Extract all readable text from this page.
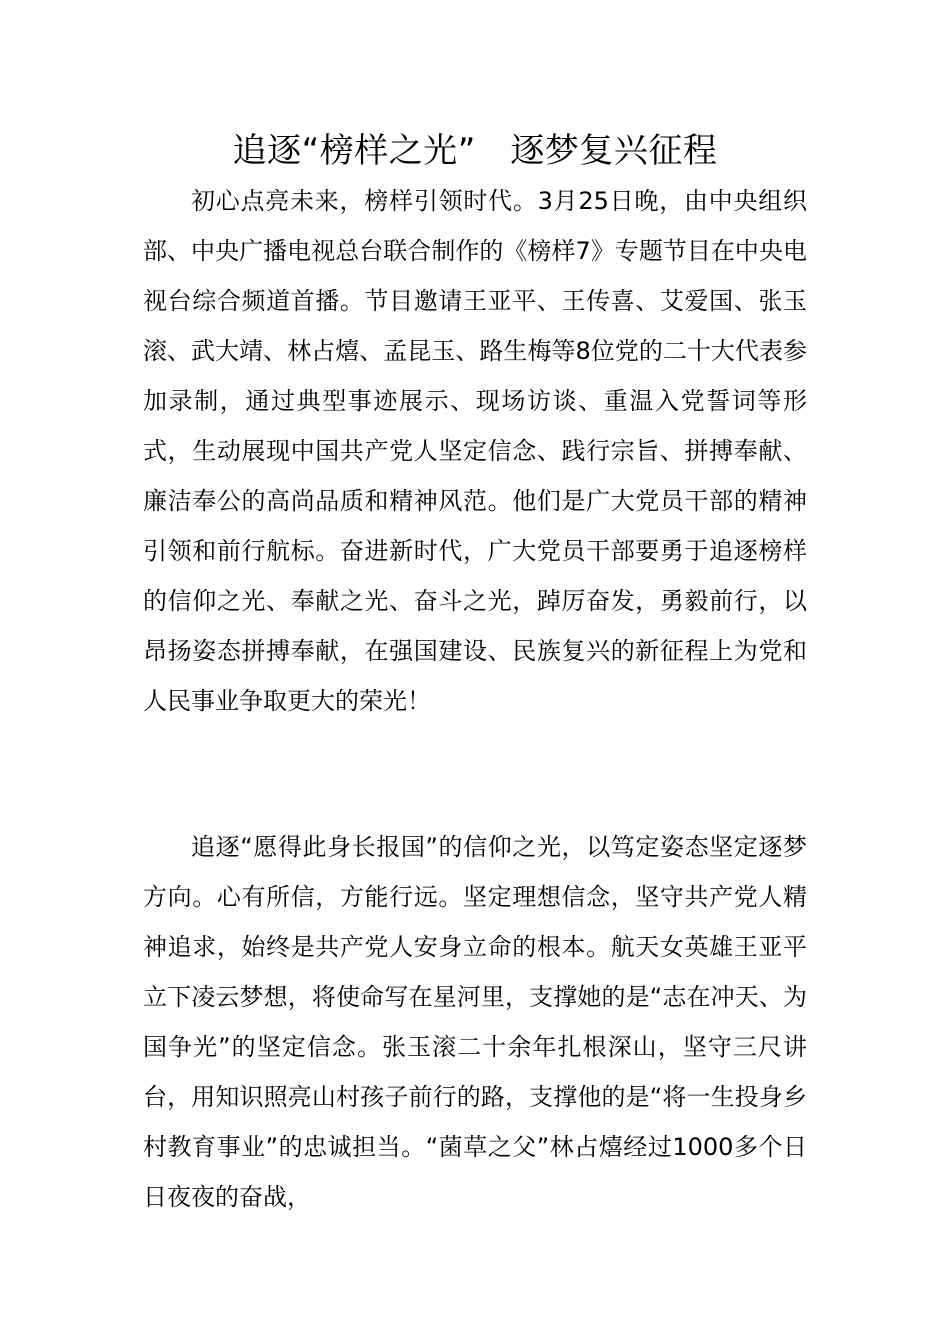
追逐“榜样之光”　逐梦复兴征程

初心点亮未来，榜样引领时代。3月25日晚，由中央组织部、中央广播电视总台联合制作的《榜样7》专题节目在中央电视台综合频道首播。节目邀请王亚平、王传喜、艾爱国、张玉滚、武大靖、林占熺、孟昆玉、路生梅等8位党的二十大代表参加录制，通过典型事迹展示、现场访谈、重温入党誓词等形式，生动展现中国共产党人坚定信念、践行宗旨、拼搏奉献、廉洁奉公的高尚品质和精神风范。他们是广大党员干部的精神引领和前行航标。奋进新时代，广大党员干部要勇于追逐榜样的信仰之光、奉献之光、奋斗之光，踔厉奋发，勇毅前行，以昂扬姿态拼搏奉献，在强国建设、民族复兴的新征程上为党和人民事业争取更大的荣光！

追逐“愿得此身长报国”的信仰之光，以笃定姿态坚定逐梦方向。心有所信，方能行远。坚定理想信念，坚守共产党人精神追求，始终是共产党人安身立命的根本。航天女英雄王亚平立下凌云梦想，将使命写在星河里，支撑她的是“志在冲天、为国争光”的坚定信念。张玉滚二十余年扎根深山，坚守三尺讲台，用知识照亮山村孩子前行的路，支撑他的是“将一生投身乡村教育事业”的忠诚担当。“菌草之父”林占熺经过1000多个日日夜夜的奋战，
